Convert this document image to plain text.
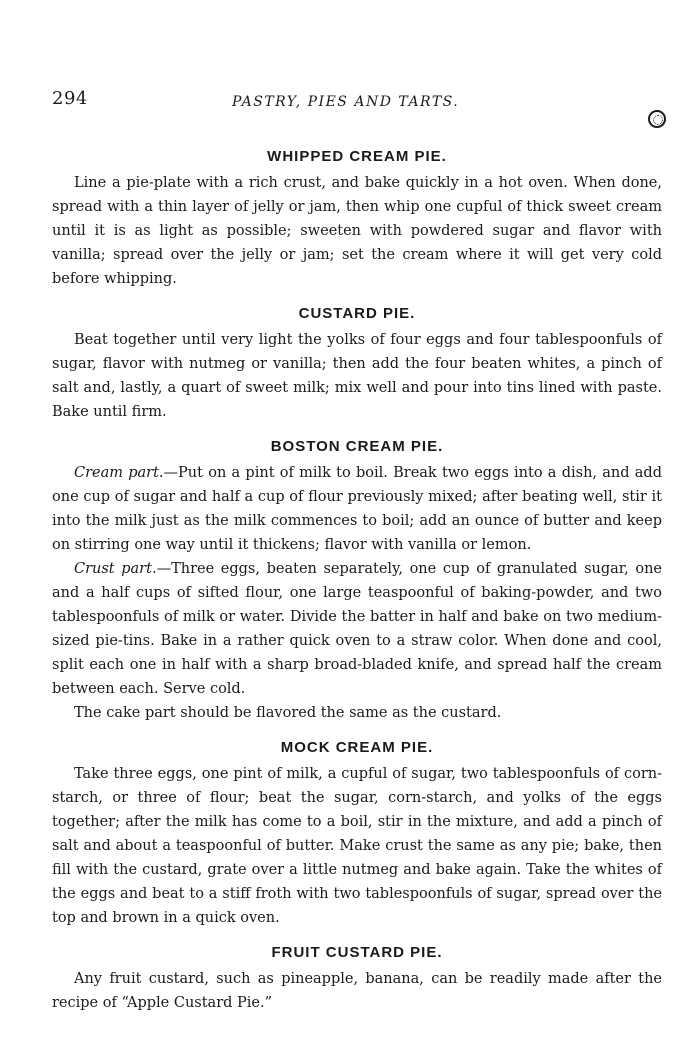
294	PASTRY, PIES AND TARTS.
WHIPPED CREAM PIE.

Line a pie-plate with a rich crust, and bake quickly in a hot oven. When done, spread with a thin layer of jelly or jam, then whip one cupful of thick sweet cream until it is as light as possible; sweeten with powdered sugar and flavor with vanilla; spread over the jelly or jam; set the cream where it will get very cold before whipping.

CUSTARD PIE.

Beat together until very light the yolks of four eggs and four tablespoonfuls of sugar, flavor with nutmeg or vanilla; then add the four beaten whites, a pinch of salt and, lastly, a quart of sweet milk; mix well and pour into tins lined with paste. Bake until firm.

BOSTON CREAM PIE.

Cream part.—Put on a pint of milk to boil. Break two eggs into a dish, and add one cup of sugar and half a cup of flour previously mixed; after beating well, stir it into the milk just as the milk commences to boil; add an ounce of butter and keep on stirring one way until it thickens; flavor with vanilla or lemon.

Crust part.—Three eggs, beaten separately, one cup of granulated sugar, one and a half cups of sifted flour, one large teaspoonful of baking-powder, and two tablespoonfuls of milk or water. Divide the batter in half and bake on two medium-sized pie-tins. Bake in a rather quick oven to a straw color. When done and cool, split each one in half with a sharp broad-bladed knife, and spread half the cream between each. Serve cold.

The cake part should be flavored the same as the custard.

MOCK CREAM PIE.

Take three eggs, one pint of milk, a cupful of sugar, two tablespoonfuls of corn-starch, or three of flour; beat the sugar, corn-starch, and yolks of the eggs together; after the milk has come to a boil, stir in the mixture, and add a pinch of salt and about a teaspoonful of butter. Make crust the same as any pie; bake, then fill with the custard, grate over a little nutmeg and bake again. Take the whites of the eggs and beat to a stiff froth with two tablespoonfuls of sugar, spread over the top and brown in a quick oven.

FRUIT CUSTARD PIE.

Any fruit custard, such as pineapple, banana, can be readily made after the recipe of “Apple Custard Pie.”
